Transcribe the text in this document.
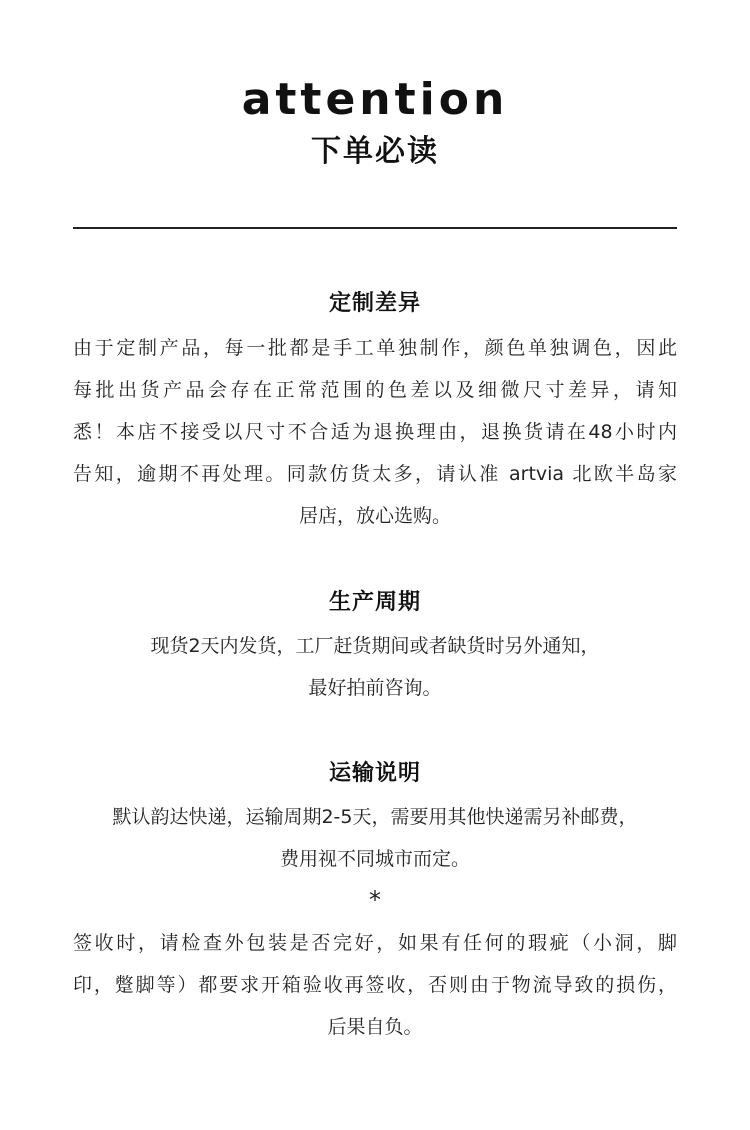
attention
下单必读
定制差异
由于定制产品，每一批都是手工单独制作，颜色单独调色，因此
每批出货产品会存在正常范围的色差以及细微尺寸差异，请知
悉！本店不接受以尺寸不合适为退换理由，退换货请在48小时内
告知，逾期不再处理。同款仿货太多，请认准 artvia 北欧半岛家
居店，放心选购。
生产周期
现货2天内发货，工厂赶货期间或者缺货时另外通知，
最好拍前咨询。
运输说明
默认韵达快递，运输周期2-5天，需要用其他快递需另补邮费，
费用视不同城市而定。
*
签收时，请检查外包装是否完好，如果有任何的瑕疵（小洞，脚
印，蹩脚等）都要求开箱验收再签收，否则由于物流导致的损伤，
后果自负。
